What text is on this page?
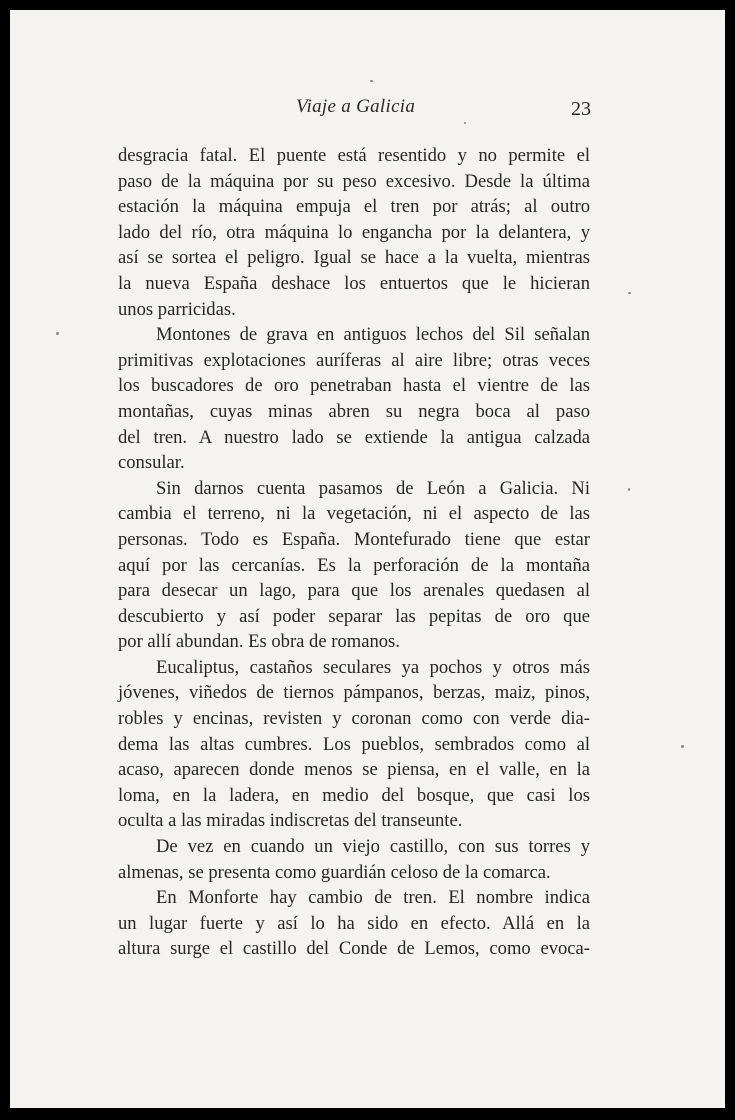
Viaje a Galicia	23

desgracia fatal. El puente está resentido y no permite el

paso de la máquina por su peso excesivo. Desde la última

estación la máquina empuja el tren por atrás; al outro

lado del río, otra máquina lo engancha por la delantera, y

así se sortea el peligro. Igual se hace a la vuelta, mientras

la nueva España deshace los entuertos que le hicieran

unos parricidas.

Montones de grava en antiguos lechos del Sil señalan

primitivas explotaciones auríferas al aire libre; otras veces

los buscadores de oro penetraban hasta el vientre de las

montañas, cuyas minas abren su negra boca al paso

del tren. A nuestro lado se extiende la antigua calzada

consular.

Sin darnos cuenta pasamos de León a Galicia. Ni

cambia el terreno, ni la vegetación, ni el aspecto de las

personas. Todo es España. Montefurado tiene que estar

aquí por las cercanías. Es la perforación de la montaña

para desecar un lago, para que los arenales quedasen al

descubierto y así poder separar las pepitas de oro que

por allí abundan. Es obra de romanos.

Eucaliptus, castaños seculares ya pochos y otros más

jóvenes, viñedos de tiernos pámpanos, berzas, maiz, pinos,

robles y encinas, revisten y coronan como con verde dia-

dema las altas cumbres. Los pueblos, sembrados como al

acaso, aparecen donde menos se piensa, en el valle, en la

loma, en la ladera, en medio del bosque, que casi los

oculta a las miradas indiscretas del transeunte.

De vez en cuando un viejo castillo, con sus torres y

almenas, se presenta como guardián celoso de la comarca.

En Monforte hay cambio de tren. El nombre indica

un lugar fuerte y así lo ha sido en efecto. Allá en la

altura surge el castillo del Conde de Lemos, como evoca-
